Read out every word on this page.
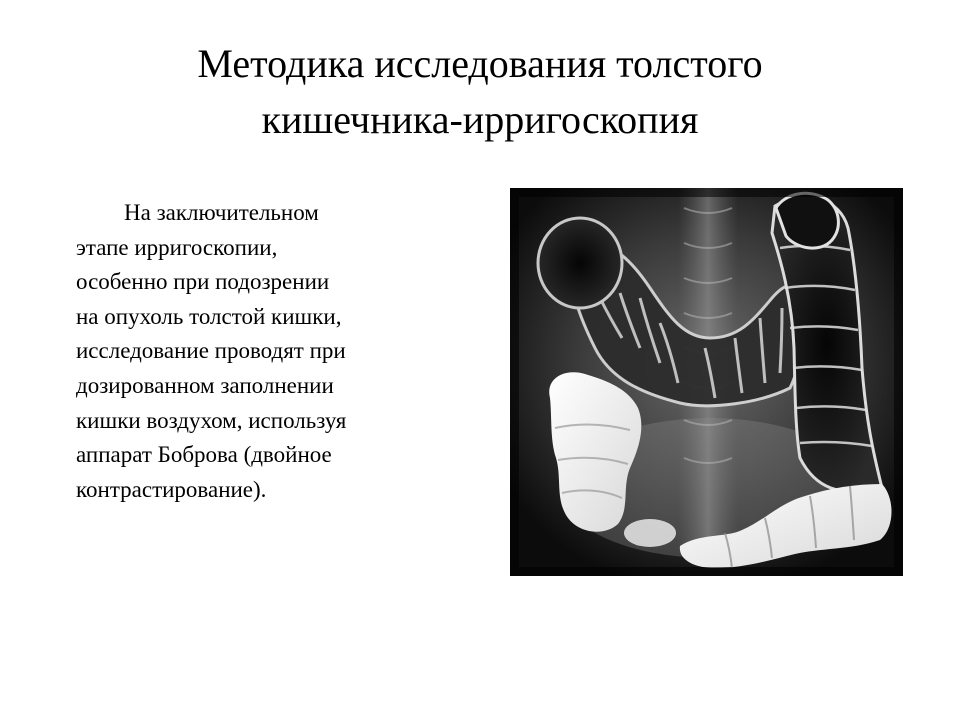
Методика исследования толстого
кишечника-ирригоскопия
На заключительном
этапе ирригоскопии,
особенно при подозрении
на опухоль толстой кишки,
исследование проводят при
дозированном заполнении
кишки воздухом, используя
аппарат Боброва (двойное
контрастирование).
